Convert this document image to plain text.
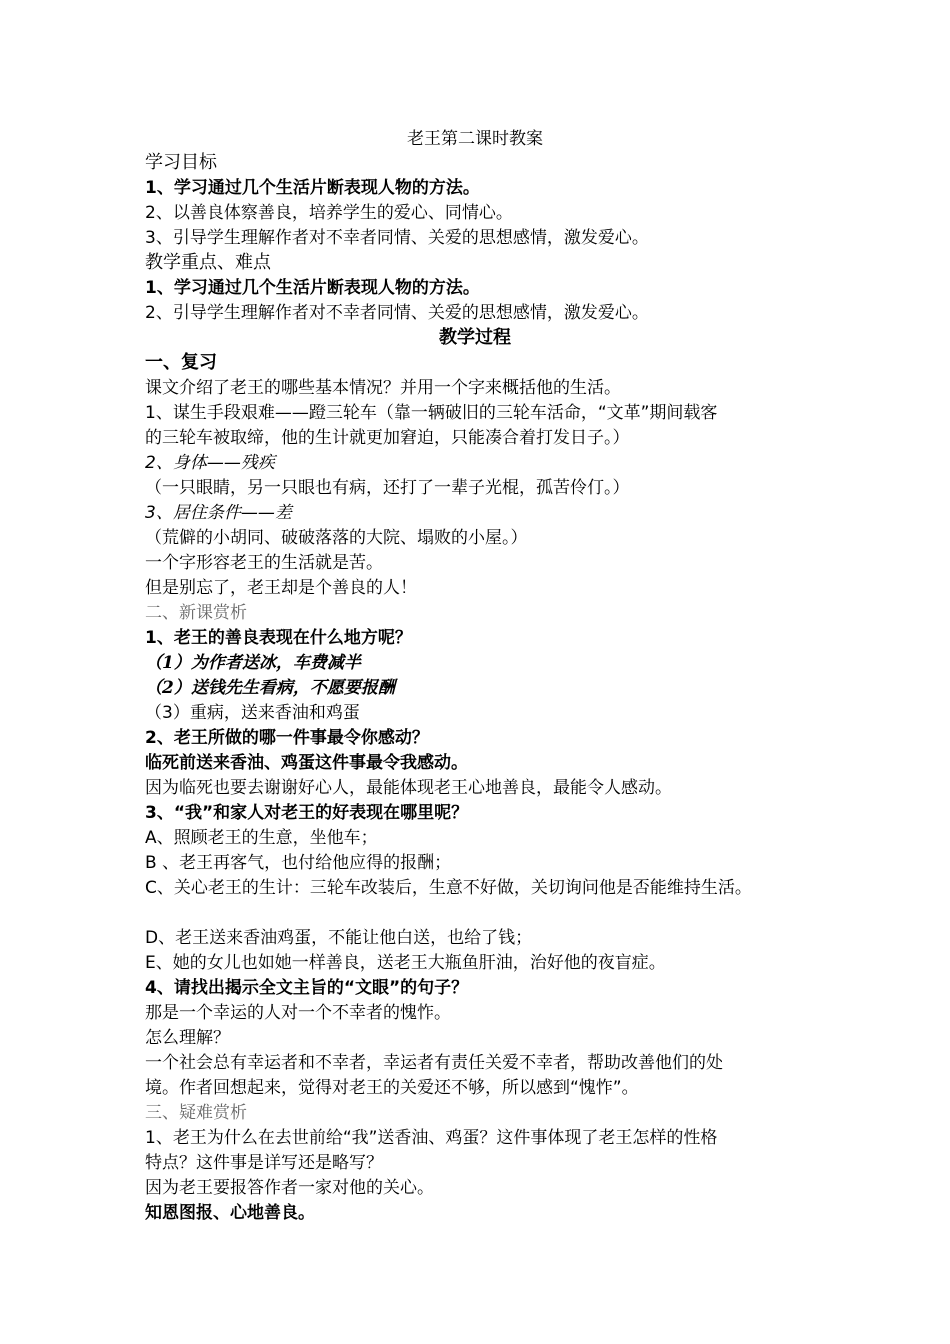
老王第二课时教案
学习目标
1、学习通过几个生活片断表现人物的方法。
2、以善良体察善良，培养学生的爱心、同情心。
3、引导学生理解作者对不幸者同情、关爱的思想感情，激发爱心。
教学重点、难点
1、学习通过几个生活片断表现人物的方法。
2、引导学生理解作者对不幸者同情、关爱的思想感情，激发爱心。
教学过程
一、复习
课文介绍了老王的哪些基本情况？并用一个字来概括他的生活。
1、谋生手段艰难——蹬三轮车（靠一辆破旧的三轮车活命，“文革”期间载客
的三轮车被取缔，他的生计就更加窘迫，只能凑合着打发日子。）
2、身体——残疾
（一只眼睛，另一只眼也有病，还打了一辈子光棍，孤苦伶仃。）
3、居住条件——差
（荒僻的小胡同、破破落落的大院、塌败的小屋。）
一个字形容老王的生活就是苦。
但是别忘了，老王却是个善良的人！
二、新课赏析
1、老王的善良表现在什么地方呢？
（1）为作者送冰，车费减半
（2）送钱先生看病，不愿要报酬
（3）重病，送来香油和鸡蛋
2、老王所做的哪一件事最令你感动？
临死前送来香油、鸡蛋这件事最令我感动。
因为临死也要去谢谢好心人，最能体现老王心地善良，最能令人感动。
3、“我”和家人对老王的好表现在哪里呢？
A、照顾老王的生意，坐他车；
B 、老王再客气，也付给他应得的报酬；
C、关心老王的生计：三轮车改装后，生意不好做，关切询问他是否能维持生活。
D、老王送来香油鸡蛋，不能让他白送，也给了钱；
E、她的女儿也如她一样善良，送老王大瓶鱼肝油，治好他的夜盲症。
4、请找出揭示全文主旨的“文眼”的句子？
那是一个幸运的人对一个不幸者的愧怍。
怎么理解？
一个社会总有幸运者和不幸者，幸运者有责任关爱不幸者，帮助改善他们的处
境。作者回想起来，觉得对老王的关爱还不够，所以感到“愧怍”。
三、疑难赏析
1、老王为什么在去世前给“我”送香油、鸡蛋？这件事体现了老王怎样的性格
特点？这件事是详写还是略写？
因为老王要报答作者一家对他的关心。
知恩图报、心地善良。
